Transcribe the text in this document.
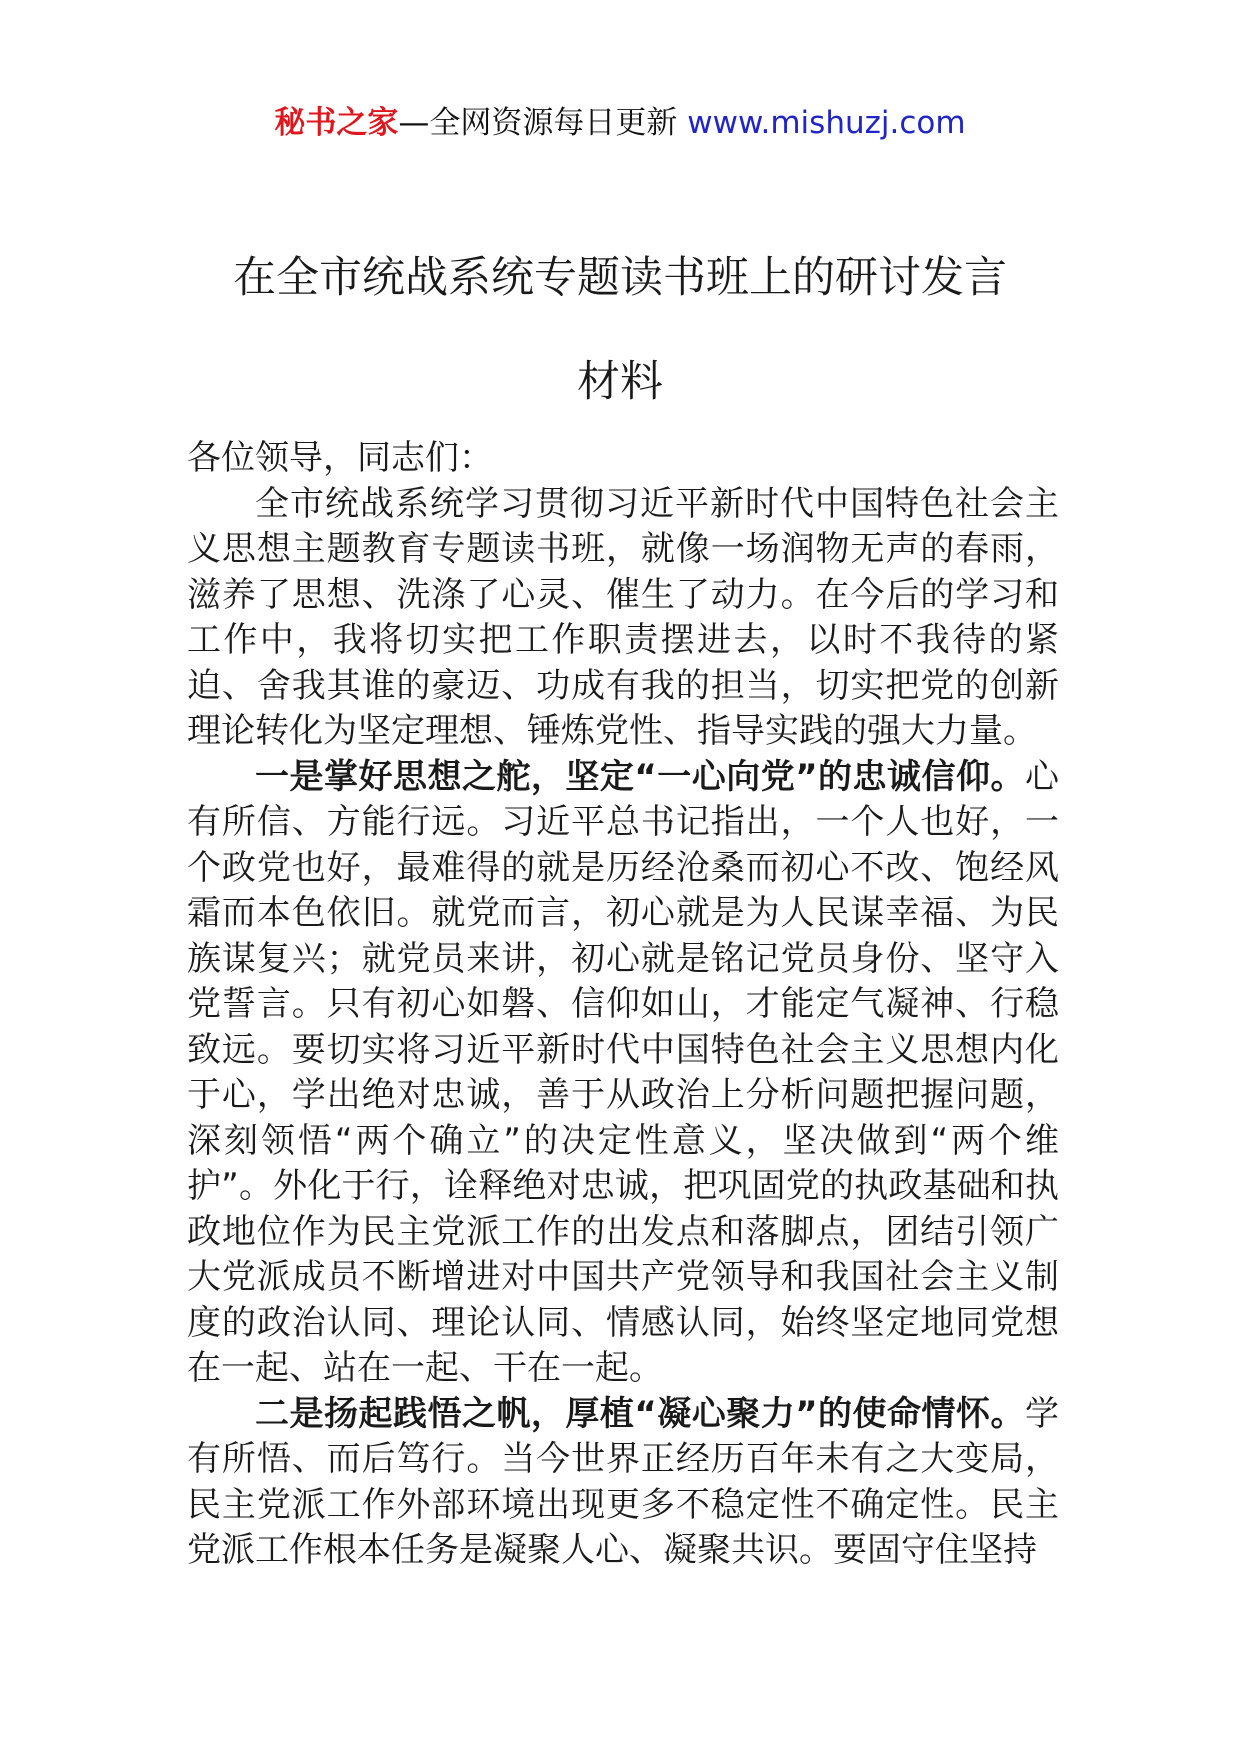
秘书之家—全网资源每日更新 www.mishuzj.com
在全市统战系统专题读书班上的研讨发言
材料

各位领导，同志们：

全市统战系统学习贯彻习近平新时代中国特色社会主义思想主题教育专题读书班，就像一场润物无声的春雨，滋养了思想、洗涤了心灵、催生了动力。在今后的学习和工作中，我将切实把工作职责摆进去，以时不我待的紧迫、舍我其谁的豪迈、功成有我的担当，切实把党的创新理论转化为坚定理想、锤炼党性、指导实践的强大力量。

一是掌好思想之舵，坚定“一心向党”的忠诚信仰。心有所信、方能行远。习近平总书记指出，一个人也好，一个政党也好，最难得的就是历经沧桑而初心不改、饱经风霜而本色依旧。就党而言，初心就是为人民谋幸福、为民族谋复兴；就党员来讲，初心就是铭记党员身份、坚守入党誓言。只有初心如磐、信仰如山，才能定气凝神、行稳致远。要切实将习近平新时代中国特色社会主义思想内化于心，学出绝对忠诚，善于从政治上分析问题把握问题，深刻领悟“两个确立”的决定性意义，坚决做到“两个维护”。外化于行，诠释绝对忠诚，把巩固党的执政基础和执政地位作为民主党派工作的出发点和落脚点，团结引领广大党派成员不断增进对中国共产党领导和我国社会主义制度的政治认同、理论认同、情感认同，始终坚定地同党想在一起、站在一起、干在一起。

二是扬起践悟之帆，厚植“凝心聚力”的使命情怀。学有所悟、而后笃行。当今世界正经历百年未有之大变局，民主党派工作外部环境出现更多不稳定性不确定性。民主党派工作根本任务是凝聚人心、凝聚共识。要固守住坚持
